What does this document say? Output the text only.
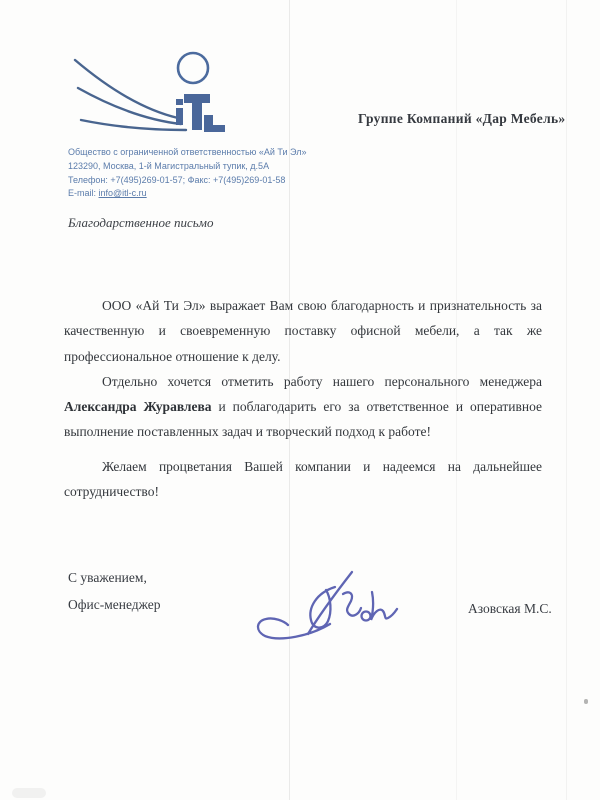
Общество с ограниченной ответственностью «Ай Ти Эл»
123290, Москва, 1-й Магистральный тупик, д.5А
Телефон: +7(495)269-01-57; Факс: +7(495)269-01-58
E-mail: info@itl-c.ru
Группе Компаний «Дар Мебель»
Благодарственное письмо

ООО «Ай Ти Эл» выражает Вам свою благодарность и признательность за качественную и своевременную поставку офисной мебели, а так же профессиональное отношение к делу.

Отдельно хочется отметить работу нашего персонального менеджера Александра Журавлева и поблагодарить его за ответственное и оперативное выполнение поставленных задач и творческий подход к работе!

Желаем процветания Вашей компании и надеемся на дальнейшее сотрудничество!

С уважением,
Офис-менеджер	Азовская М.С.
